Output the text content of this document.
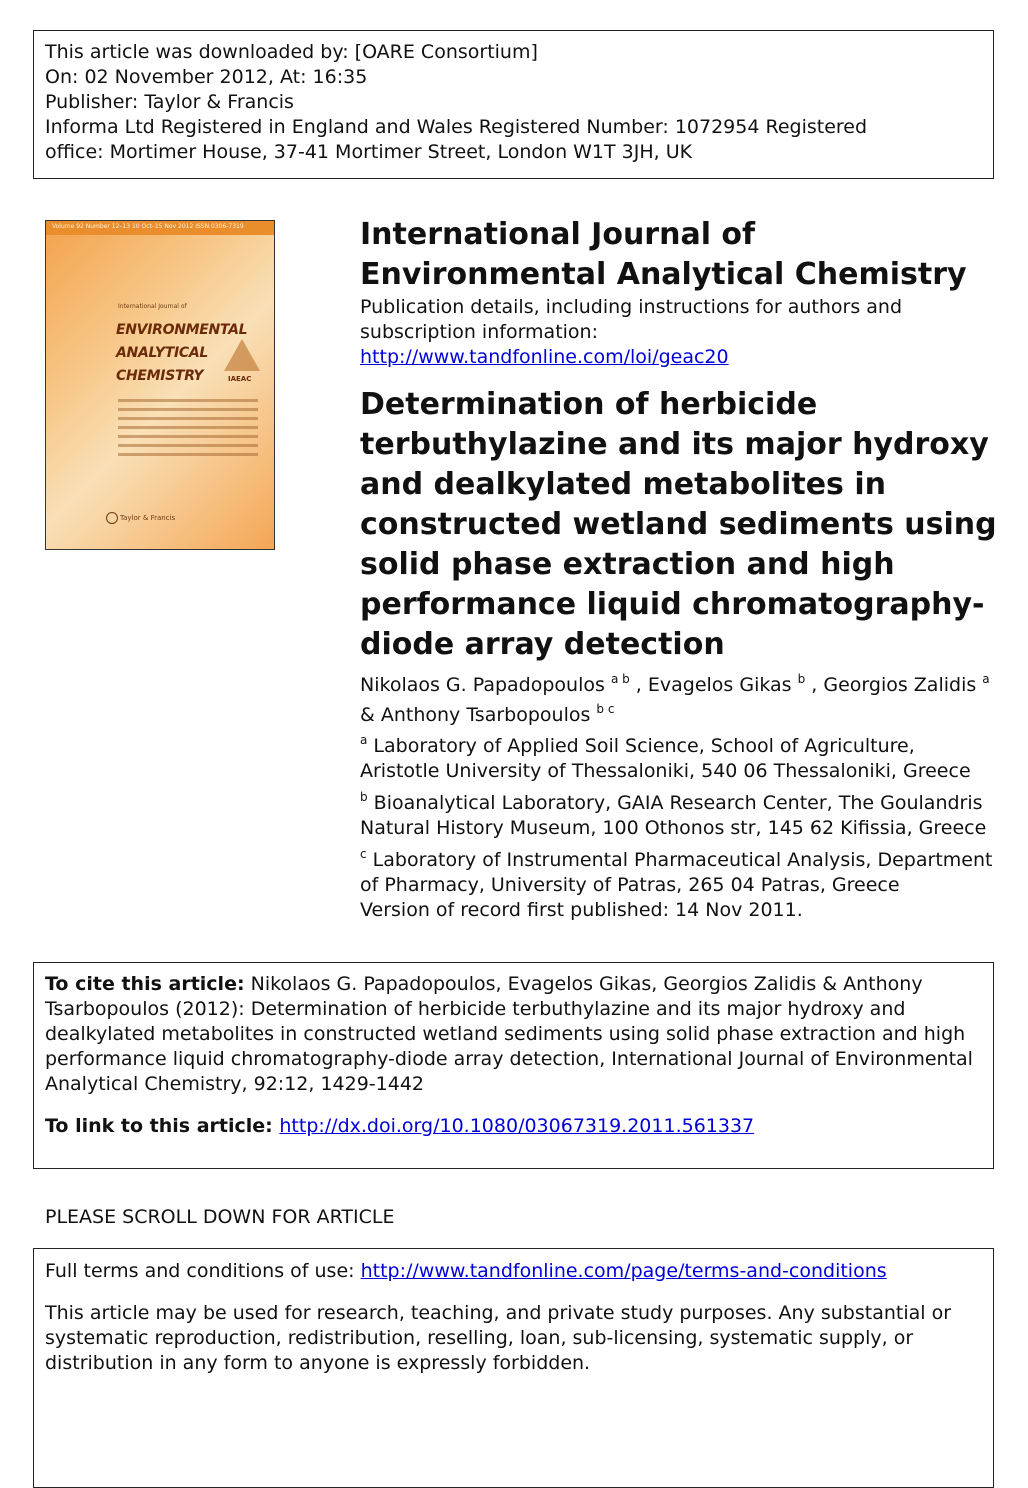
This article was downloaded by: [OARE Consortium]
On: 02 November 2012, At: 16:35
Publisher: Taylor & Francis
Informa Ltd Registered in England and Wales Registered Number: 1072954 Registered
office: Mortimer House, 37-41 Mortimer Street, London W1T 3JH, UK
Volume 92 Number 12–13 10 Oct–15 Nov 2012 ISSN 0306-7319
International Journal of
ENVIRONMENTAL
ANALYTICAL
CHEMISTRY	IAEAC
Taylor & Francis
International Journal of Environmental Analytical Chemistry
Publication details, including instructions for authors and subscription information:
http://www.tandfonline.com/loi/geac20
Determination of herbicide terbuthylazine and its major hydroxy and dealkylated metabolites in constructed wetland sediments using solid phase extraction and high performance liquid chromatography-diode array detection
Nikolaos G. Papadopoulos $^{a b}$ , Evagelos Gikas $^b$ , Georgios Zalidis $^a$
& Anthony Tsarbopoulos $^{b c}$
$^a$ Laboratory of Applied Soil Science, School of Agriculture, Aristotle University of Thessaloniki, 540 06 Thessaloniki, Greece
$^b$ Bioanalytical Laboratory, GAIA Research Center, The Goulandris Natural History Museum, 100 Othonos str, 145 62 Kifissia, Greece
$^c$ Laboratory of Instrumental Pharmaceutical Analysis, Department of Pharmacy, University of Patras, 265 04 Patras, Greece
Version of record first published: 14 Nov 2011.

To cite this article: Nikolaos G. Papadopoulos, Evagelos Gikas, Georgios Zalidis & Anthony Tsarbopoulos (2012): Determination of herbicide terbuthylazine and its major hydroxy and dealkylated metabolites in constructed wetland sediments using solid phase extraction and high performance liquid chromatography-diode array detection, International Journal of Environmental Analytical Chemistry, 92:12, 1429-1442

To link to this article: http://dx.doi.org/10.1080/03067319.2011.561337

PLEASE SCROLL DOWN FOR ARTICLE

Full terms and conditions of use: http://www.tandfonline.com/page/terms-and-conditions

This article may be used for research, teaching, and private study purposes. Any substantial or systematic reproduction, redistribution, reselling, loan, sub-licensing, systematic supply, or distribution in any form to anyone is expressly forbidden.
